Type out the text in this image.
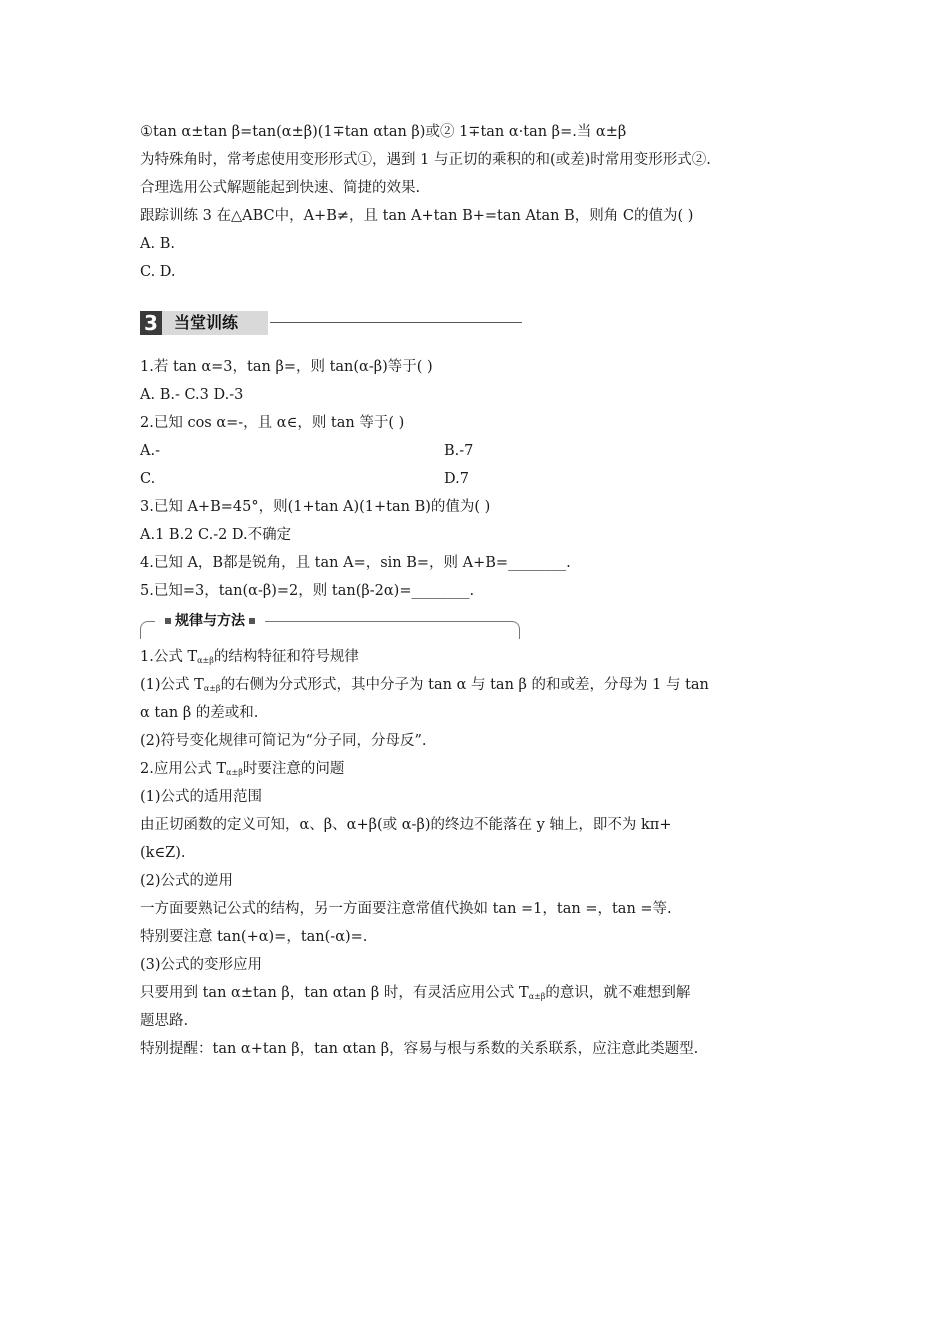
①tan α±tan β=tan(α±β)(1∓tan αtan β)或② 1∓tan α·tan β=.当 α±β
为特殊角时，常考虑使用变形形式①，遇到 1 与正切的乘积的和(或差)时常用变形形式②.
合理选用公式解题能起到快速、简捷的效果.
跟踪训练 3 在△ABC中，A+B≠，且 tan A+tan B+=tan Atan B，则角 C的值为( )
A. B.
C. D.
3	当堂训练
1.若 tan α=3，tan β=，则 tan(α-β)等于( )
A. B.- C.3 D.-3
2.已知 cos α=-，且 α∈，则 tan 等于( )
A.-	B.-7
C.	D.7
3.已知 A+B=45°，则(1+tan A)(1+tan B)的值为( )
A.1 B.2 C.-2 D.不确定
4.已知 A，B都是锐角，且 tan A=，sin B=，则 A+B=________.
5.已知=3，tan(α-β)=2，则 tan(β-2α)=________.
规律与方法
1.公式 $T_{\alpha\pm\beta}$的结构特征和符号规律
(1)公式 $T_{\alpha\pm\beta}$的右侧为分式形式，其中分子为 tan α 与 tan β 的和或差，分母为 1 与 tan
α tan β 的差或和.
(2)符号变化规律可简记为“分子同，分母反”.
2.应用公式 $T_{\alpha\pm\beta}$时要注意的问题
(1)公式的适用范围
由正切函数的定义可知，α、β、α+β(或 α-β)的终边不能落在 y 轴上，即不为 kπ+
(k∈Z).
(2)公式的逆用
一方面要熟记公式的结构，另一方面要注意常值代换如 tan =1，tan =，tan =等.
特别要注意 tan(+α)=，tan(-α)=.
(3)公式的变形应用
只要用到 tan α±tan β，tan αtan β 时，有灵活应用公式 $T_{\alpha\pm\beta}$的意识，就不难想到解
题思路.
特别提醒：tan α+tan β，tan αtan β，容易与根与系数的关系联系，应注意此类题型.
